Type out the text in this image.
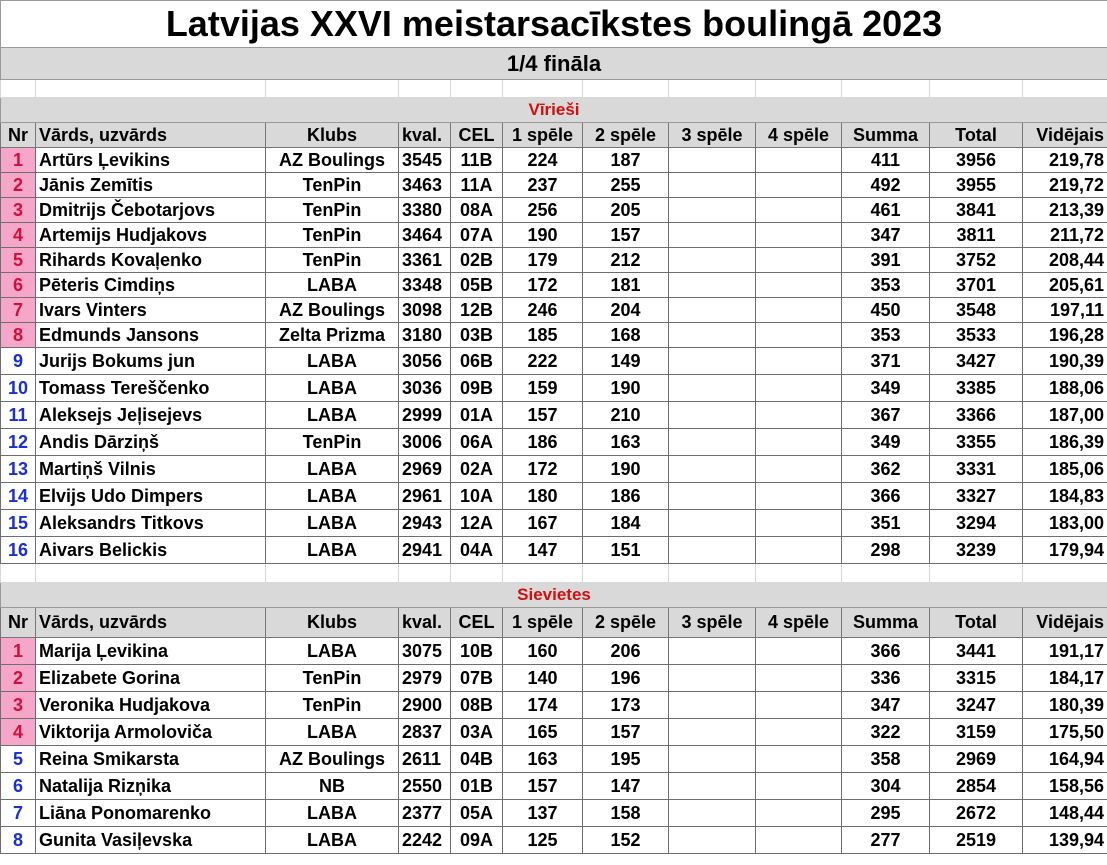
Latvijas XXVI meistarsacīkstes boulingā 2023											
1/4 fināla											

Vīrieši											
Nr	Vārds, uzvārds	Klubs	kval.	CEL	1 spēle	2 spēle	3 spēle	4 spēle	Summa	Total	Vidējais
1	Artūrs Ļevikins	AZ Boulings	3545	11B	224	187			411	3956	219,78
2	Jānis Zemītis	TenPin	3463	11A	237	255			492	3955	219,72
3	Dmitrijs Čebotarjovs	TenPin	3380	08A	256	205			461	3841	213,39
4	Artemijs Hudjakovs	TenPin	3464	07A	190	157			347	3811	211,72
5	Rihards Kovaļenko	TenPin	3361	02B	179	212			391	3752	208,44
6	Pēteris Cimdiņs	LABA	3348	05B	172	181			353	3701	205,61
7	Ivars Vinters	AZ Boulings	3098	12B	246	204			450	3548	197,11
8	Edmunds Jansons	Zelta Prizma	3180	03B	185	168			353	3533	196,28
9	Jurijs Bokums jun	LABA	3056	06B	222	149			371	3427	190,39
10	Tomass Tereščenko	LABA	3036	09B	159	190			349	3385	188,06
11	Aleksejs Jeļisejevs	LABA	2999	01A	157	210			367	3366	187,00
12	Andis Dārziņš	TenPin	3006	06A	186	163			349	3355	186,39
13	Martiņš Vilnis	LABA	2969	02A	172	190			362	3331	185,06
14	Elvijs Udo Dimpers	LABA	2961	10A	180	186			366	3327	184,83
15	Aleksandrs Titkovs	LABA	2943	12A	167	184			351	3294	183,00
16	Aivars Belickis	LABA	2941	04A	147	151			298	3239	179,94

Sievietes											
Nr	Vārds, uzvārds	Klubs	kval.	CEL	1 spēle	2 spēle	3 spēle	4 spēle	Summa	Total	Vidējais
1	Marija Ļevikina	LABA	3075	10B	160	206			366	3441	191,17
2	Elizabete Gorina	TenPin	2979	07B	140	196			336	3315	184,17
3	Veronika Hudjakova	TenPin	2900	08B	174	173			347	3247	180,39
4	Viktorija Armoloviča	LABA	2837	03A	165	157			322	3159	175,50
5	Reina Smikarsta	AZ Boulings	2611	04B	163	195			358	2969	164,94
6	Natalija Rizņika	NB	2550	01B	157	147			304	2854	158,56
7	Liāna Ponomarenko	LABA	2377	05A	137	158			295	2672	148,44
8	Gunita Vasiļevska	LABA	2242	09A	125	152			277	2519	139,94
